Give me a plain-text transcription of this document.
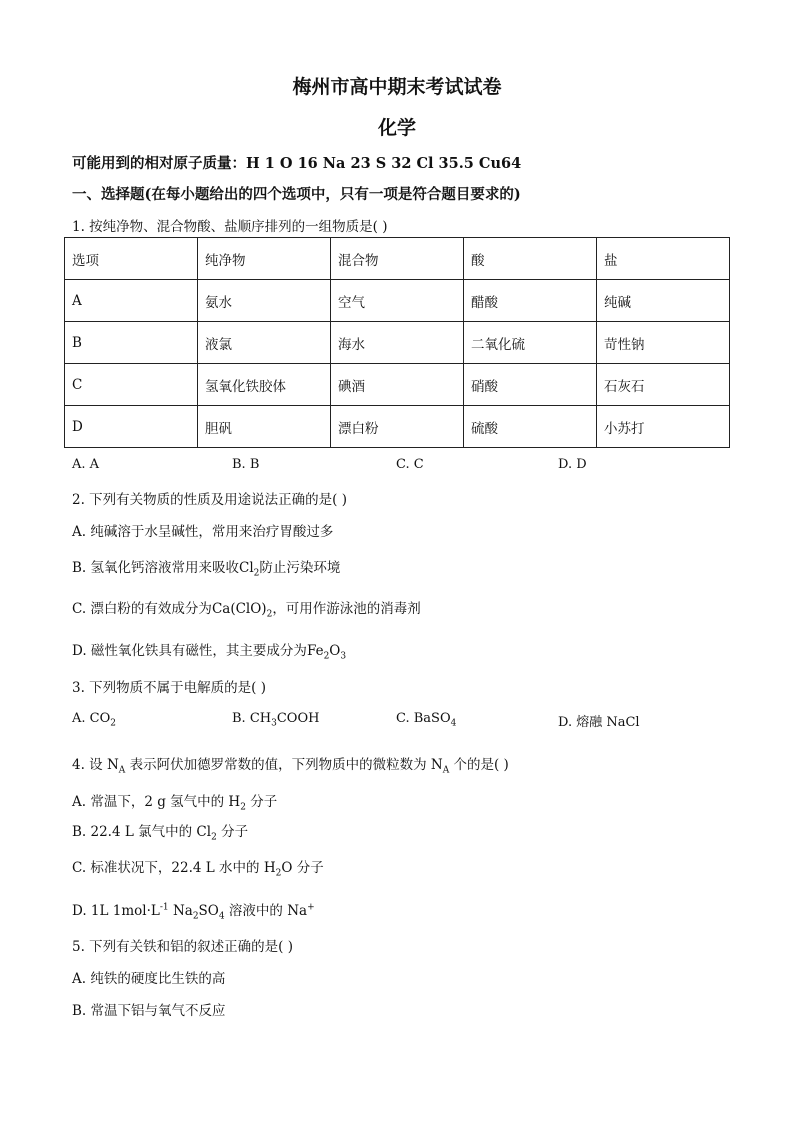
梅州市高中期末考试试卷
化学
可能用到的相对原子质量：H 1 O 16 Na 23 S 32 Cl 35.5 Cu64
一、选择题(在每小题给出的四个选项中，只有一项是符合题目要求的)
1. 按纯净物、混合物酸、盐顺序排列的一组物质是( )
选项	纯净物	混合物	酸	盐
A	氨水	空气	醋酸	纯碱
B	液氯	海水	二氧化硫	苛性钠
C	氢氧化铁胶体	碘酒	硝酸	石灰石
D	胆矾	漂白粉	硫酸	小苏打
A. A	B. B	C. C	D. D
2. 下列有关物质的性质及用途说法正确的是( )
A. 纯碱溶于水呈碱性，常用来治疗胃酸过多
B. 氢氧化钙溶液常用来吸收$Cl_2$防止污染环境
C. 漂白粉的有效成分为$Ca(ClO)_2$，可用作游泳池的消毒剂
D. 磁性氧化铁具有磁性，其主要成分为$Fe_2O_3$
3. 下列物质不属于电解质的是( )
A. $CO_2$	B. $CH_3COOH$	C. BaSO$_4$	D. 熔融 NaCl
4. 设 $N_A$ 表示阿伏加德罗常数的值，下列物质中的微粒数为 $N_A$ 个的是( )
A. 常温下，2 g 氢气中的 $H_2$ 分子
B. 22.4 L 氯气中的 $Cl_2$ 分子
C. 标准状况下，22.4 L 水中的 $H_2O$ 分子
D. 1L $1mol\cdot L^{-1}$ $Na_2SO_4$ 溶液中的 Na+
5. 下列有关铁和铝的叙述正确的是( )
A. 纯铁的硬度比生铁的高
B. 常温下铝与氧气不反应
